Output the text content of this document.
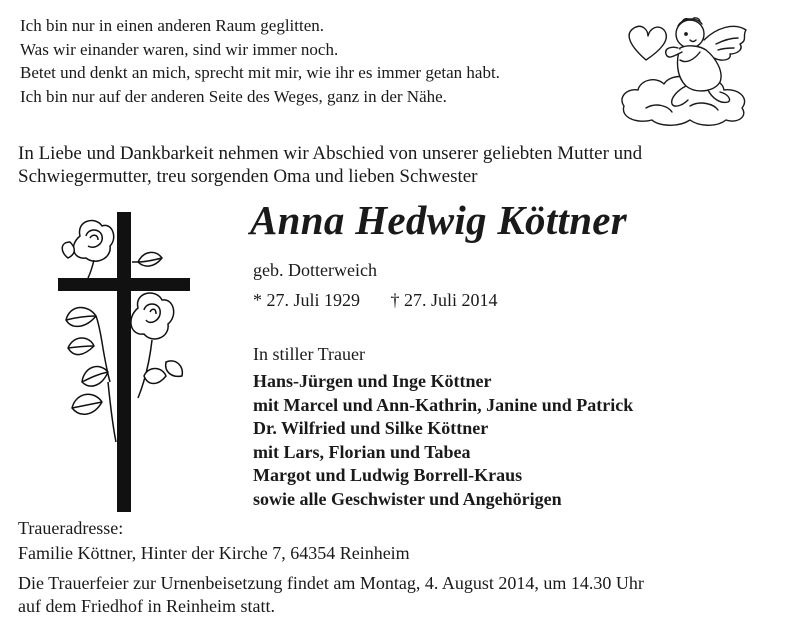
Ich bin nur in einen anderen Raum geglitten.
Was wir einander waren, sind wir immer noch.
Betet und denkt an mich, sprecht mit mir, wie ihr es immer getan habt.
Ich bin nur auf der anderen Seite des Weges, ganz in der Nähe.
In Liebe und Dankbarkeit nehmen wir Abschied von unserer geliebten Mutter und
Schwiegermutter, treu sorgenden Oma und lieben Schwester
Anna Hedwig Köttner
geb. Dotterweich
* 27. Juli 1929 † 27. Juli 2014
In stiller Trauer
Hans-Jürgen und Inge Köttner
mit Marcel und Ann-Kathrin, Janine und Patrick
Dr. Wilfried und Silke Köttner
mit Lars, Florian und Tabea
Margot und Ludwig Borrell-Kraus
sowie alle Geschwister und Angehörigen
Traueradresse:
Familie Köttner, Hinter der Kirche 7, 64354 Reinheim
Die Trauerfeier zur Urnenbeisetzung findet am Montag, 4. August 2014, um 14.30 Uhr
auf dem Friedhof in Reinheim statt.
